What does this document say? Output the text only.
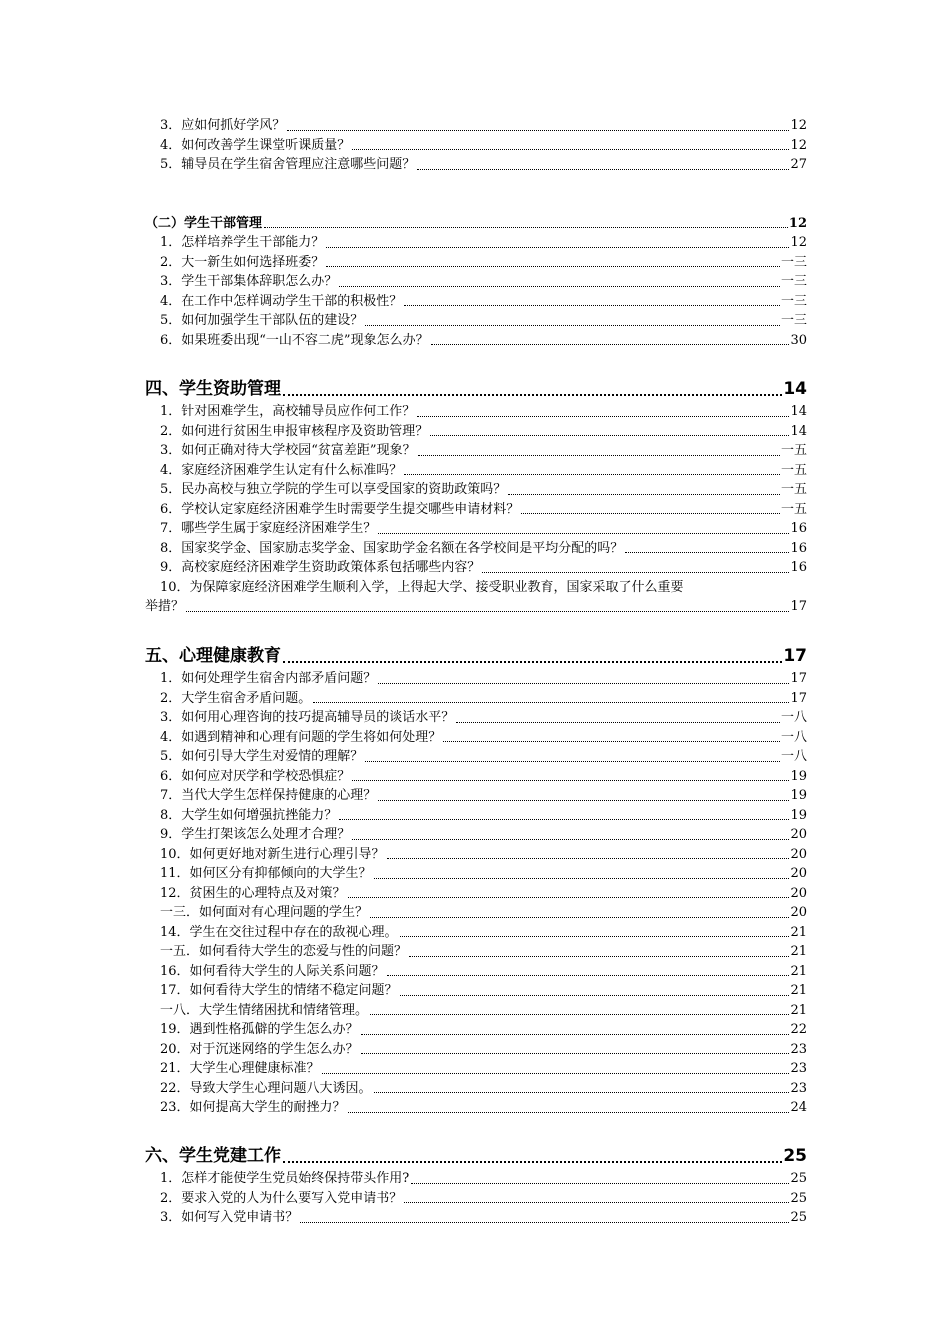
3．应如何抓好学风？	12
4．如何改善学生课堂听课质量？	12
5．辅导员在学生宿舍管理应注意哪些问题？	27
（二）学生干部管理	12
1．怎样培养学生干部能力？	12
2．大一新生如何选择班委？	一三
3．学生干部集体辞职怎么办？	一三
4．在工作中怎样调动学生干部的积极性？	一三
5．如何加强学生干部队伍的建设？	一三
6．如果班委出现“一山不容二虎”现象怎么办？	30
四、学生资助管理	14
1．针对困难学生，高校辅导员应作何工作？	14
2．如何进行贫困生申报审核程序及资助管理？	14
3．如何正确对待大学校园“贫富差距”现象？	一五
4．家庭经济困难学生认定有什么标准吗？	一五
5．民办高校与独立学院的学生可以享受国家的资助政策吗？	一五
6．学校认定家庭经济困难学生时需要学生提交哪些申请材料？	一五
7．哪些学生属于家庭经济困难学生？	16
8．国家奖学金、国家励志奖学金、国家助学金名额在各学校间是平均分配的吗？	16
9．高校家庭经济困难学生资助政策体系包括哪些内容？	16
10．为保障家庭经济困难学生顺利入学，上得起大学、接受职业教育，国家采取了什么重要
举措？	17
五、心理健康教育	17
1．如何处理学生宿舍内部矛盾问题？	17
2．大学生宿舍矛盾问题。	17
3．如何用心理咨询的技巧提高辅导员的谈话水平？	一八
4．如遇到精神和心理有问题的学生将如何处理？	一八
5．如何引导大学生对爱情的理解？	一八
6．如何应对厌学和学校恐惧症？	19
7．当代大学生怎样保持健康的心理？	19
8．大学生如何增强抗挫能力？	19
9．学生打架该怎么处理才合理？	20
10．如何更好地对新生进行心理引导？	20
11．如何区分有抑郁倾向的大学生？	20
12．贫困生的心理特点及对策？	20
一三．如何面对有心理问题的学生？	20
14．学生在交往过程中存在的敌视心理。	21
一五．如何看待大学生的恋爱与性的问题？	21
16．如何看待大学生的人际关系问题？	21
17．如何看待大学生的情绪不稳定问题？	21
一八．大学生情绪困扰和情绪管理。	21
19．遇到性格孤僻的学生怎么办？	22
20．对于沉迷网络的学生怎么办？	23
21．大学生心理健康标准？	23
22．导致大学生心理问题八大诱因。	23
23．如何提高大学生的耐挫力？	24
六、学生党建工作	25
1．怎样才能使学生党员始终保持带头作用?	25
2．要求入党的人为什么要写入党申请书？	25
3．如何写入党申请书？	25
